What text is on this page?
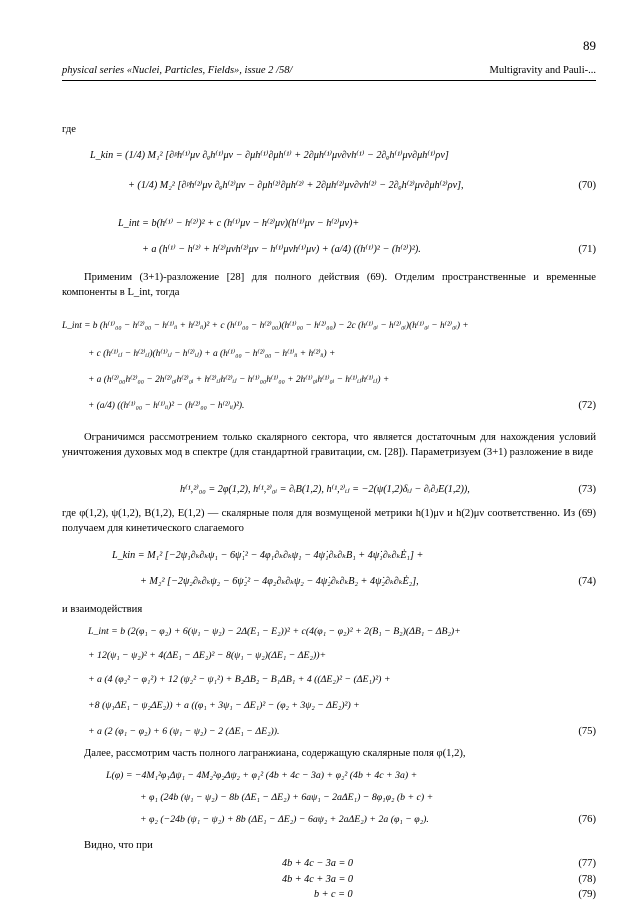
89
physical series «Nuclei, Particles, Fields», issue 2 /58/	Multigravity and Pauli-...
где
L_kin = (1/4) M₁² [∂ᵖh⁽¹⁾μν ∂ᵨh⁽¹⁾μν − ∂μh⁽¹⁾∂μh⁽¹⁾ + 2∂μh⁽¹⁾μν∂νh⁽¹⁾ − 2∂ᵨh⁽¹⁾μν∂μh⁽¹⁾ρν]
+ (1/4) M₂² [∂ᵖh⁽²⁾μν ∂ᵨh⁽²⁾μν − ∂μh⁽²⁾∂μh⁽²⁾ + 2∂μh⁽²⁾μν∂νh⁽²⁾ − 2∂ᵨh⁽²⁾μν∂μh⁽²⁾ρν],	(70)
L_int = b(h⁽¹⁾ − h⁽²⁾)² + c (h⁽¹⁾μν − h⁽²⁾μν)(h⁽¹⁾μν − h⁽²⁾μν)+
+ a (h⁽¹⁾ − h⁽²⁾ + h⁽²⁾μνh⁽²⁾μν − h⁽¹⁾μνh⁽¹⁾μν) + (a/4) ((h⁽¹⁾)² − (h⁽²⁾)²).	(71)
Применим (3+1)-разложение [28] для полного действия (69). Отделим пространственные и временные компоненты в L_int, тогда
L_int = b (h⁽¹⁾₀₀ − h⁽²⁾₀₀ − h⁽¹⁾ᵢᵢ + h⁽²⁾ᵢᵢ)² + c (h⁽¹⁾₀₀ − h⁽²⁾₀₀)(h⁽¹⁾₀₀ − h⁽²⁾₀₀) − 2c (h⁽¹⁾₀ᵢ − h⁽²⁾₀ᵢ)(h⁽¹⁾₀ᵢ − h⁽²⁾₀ᵢ) +
+ c (h⁽¹⁾ᵢⱼ − h⁽²⁾ᵢⱼ)(h⁽¹⁾ᵢⱼ − h⁽²⁾ᵢⱼ) + a (h⁽¹⁾₀₀ − h⁽²⁾₀₀ − h⁽¹⁾ᵢᵢ + h⁽²⁾ᵢᵢ) +
+ a (h⁽²⁾₀₀h⁽²⁾₀₀ − 2h⁽²⁾₀ᵢh⁽²⁾₀ᵢ + h⁽²⁾ᵢⱼh⁽²⁾ᵢⱼ − h⁽¹⁾₀₀h⁽¹⁾₀₀ + 2h⁽¹⁾₀ᵢh⁽¹⁾₀ᵢ − h⁽¹⁾ᵢⱼh⁽¹⁾ᵢⱼ) +
+ (a/4) ((h⁽¹⁾₀₀ − h⁽¹⁾ᵢᵢ)² − (h⁽²⁾₀₀ − h⁽²⁾ᵢᵢ)²).	(72)
Ограничимся рассмотрением только скалярного сектора, что является достаточным для нахождения условий уничтожения духовых мод в спектре (для стандартной гравитации, см. [28]). Параметризуем (3+1) разложение в виде
h⁽¹,²⁾₀₀ = 2φ(1,2), h⁽¹,²⁾₀ᵢ = ∂ᵢB(1,2), h⁽¹,²⁾ᵢⱼ = −2(ψ(1,2)δᵢⱼ − ∂ᵢ∂ⱼE(1,2)),	(73)
где φ(1,2), ψ(1,2), B(1,2), E(1,2) — скалярные поля для возмущеной метрики h(1)μν и h(2)μν соответственно. Из (69) получаем для кинетического слагаемого
L_kin = M₁² [−2ψ₁∂ₖ∂ₖψ₁ − 6ψ̇₁² − 4φ₁∂ₖ∂ₖψ₁ − 4ψ̇₁∂ₖ∂ₖB₁ + 4ψ̇₁∂ₖ∂ₖĖ₁] +
+ M₂² [−2ψ₂∂ₖ∂ₖψ₂ − 6ψ̇₂² − 4φ₂∂ₖ∂ₖψ₂ − 4ψ̇₂∂ₖ∂ₖB₂ + 4ψ̇₂∂ₖ∂ₖĖ₂],	(74)
и взаимодействия
L_int = b (2(φ₁ − φ₂) + 6(ψ₁ − ψ₂) − 2Δ(E₁ − E₂))² + c(4(φ₁ − φ₂)² + 2(B₁ − B₂)(ΔB₁ − ΔB₂)+
+ 12(ψ₁ − ψ₂)² + 4(ΔE₁ − ΔE₂)² − 8(ψ₁ − ψ₂)(ΔE₁ − ΔE₂))+
+ a (4 (φ₂² − φ₁²) + 12 (ψ₂² − ψ₁²) + B₂ΔB₂ − B₁ΔB₁ + 4 ((ΔE₂)² − (ΔE₁)²) +
+8 (ψ₁ΔE₁ − ψ₂ΔE₂)) + a ((φ₁ + 3ψ₁ − ΔE₁)² − (φ₂ + 3ψ₂ − ΔE₂)²) +
+ a (2 (φ₁ − φ₂) + 6 (ψ₁ − ψ₂) − 2 (ΔE₁ − ΔE₂)).	(75)
Далее, рассмотрим часть полного лагранжиана, содержащую скалярные поля φ(1,2),
L(φ) = −4M₁²φ₁Δψ₁ − 4M₂²φ₂Δψ₂ + φ₁² (4b + 4c − 3a) + φ₂² (4b + 4c + 3a) +
+ φ₁ (24b (ψ₁ − ψ₂) − 8b (ΔE₁ − ΔE₂) + 6aψ₁ − 2aΔE₁) − 8φ₁φ₂ (b + c) +
+ φ₂ (−24b (ψ₁ − ψ₂) + 8b (ΔE₁ − ΔE₂) − 6aψ₂ + 2aΔE₂) + 2a (φ₁ − φ₂).	(76)
Видно, что при
4b + 4c − 3a = 0	(77)
4b + 4c + 3a = 0	(78)
b + c = 0	(79)
